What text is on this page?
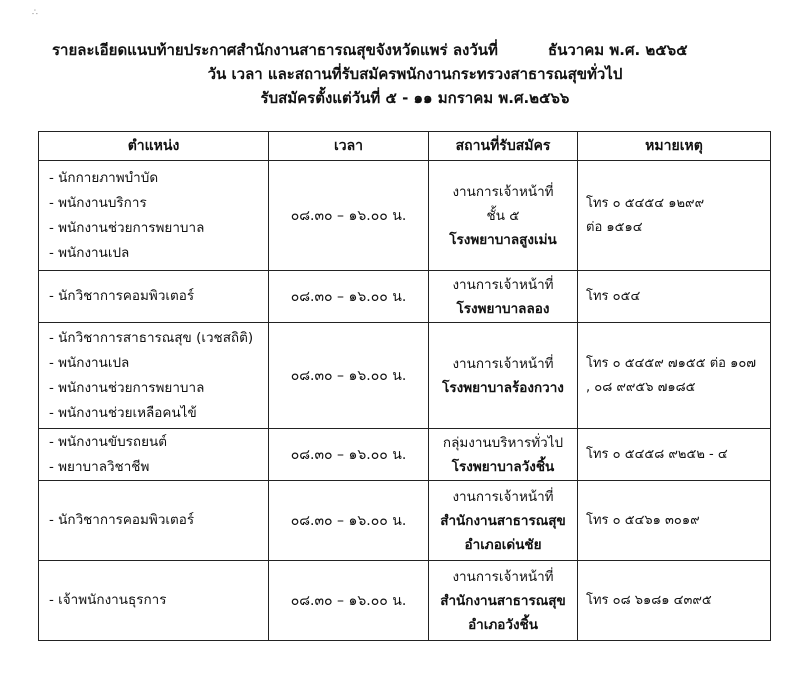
∴
รายละเอียดแนบท้ายประกาศสำนักงานสาธารณสุขจังหวัดแพร่ ลงวันที่	ธันวาคม พ.ศ. ๒๕๖๕
วัน เวลา และสถานที่รับสมัครพนักงานกระทรวงสาธารณสุขทั่วไป
รับสมัครตั้งแต่วันที่ ๕ - ๑๑ มกราคม พ.ศ.๒๕๖๖
ตำแหน่ง	เวลา	สถานที่รับสมัคร	หมายเหตุ

- นักกายภาพบำบัด
- พนักงานบริการ
- พนักงานช่วยการพยาบาล
- พนักงานเปล	๐๘.๓๐ – ๑๖.๐๐ น.	งานการเจ้าหน้าที่
ชั้น ๕
โรงพยาบาลสูงเม่น	โทร ๐ ๕๔๕๔ ๑๒๙๙
ต่อ ๑๕๑๔

- นักวิชาการคอมพิวเตอร์	๐๘.๓๐ – ๑๖.๐๐ น.	งานการเจ้าหน้าที่
โรงพยาบาลลอง	โทร ๐๕๔

- นักวิชาการสาธารณสุข (เวชสถิติ)
- พนักงานเปล
- พนักงานช่วยการพยาบาล
- พนักงานช่วยเหลือคนไข้	๐๘.๓๐ – ๑๖.๐๐ น.	งานการเจ้าหน้าที่
โรงพยาบาลร้องกวาง	โทร ๐ ๕๔๕๙ ๗๑๕๕ ต่อ ๑๐๗
, ๐๘ ๙๙๕๖ ๗๑๘๕

- พนักงานขับรถยนต์
- พยาบาลวิชาชีพ	๐๘.๓๐ – ๑๖.๐๐ น.	กลุ่มงานบริหารทั่วไป
โรงพยาบาลวังชิ้น	โทร ๐ ๕๔๕๘ ๙๒๕๒ - ๔

- นักวิชาการคอมพิวเตอร์	๐๘.๓๐ – ๑๖.๐๐ น.	งานการเจ้าหน้าที่
สำนักงานสาธารณสุข
อำเภอเด่นชัย	โทร ๐ ๕๔๖๑ ๓๐๑๙

- เจ้าพนักงานธุรการ	๐๘.๓๐ – ๑๖.๐๐ น.	งานการเจ้าหน้าที่
สำนักงานสาธารณสุข
อำเภอวังชิ้น	โทร ๐๘ ๖๑๘๑ ๔๓๙๕
